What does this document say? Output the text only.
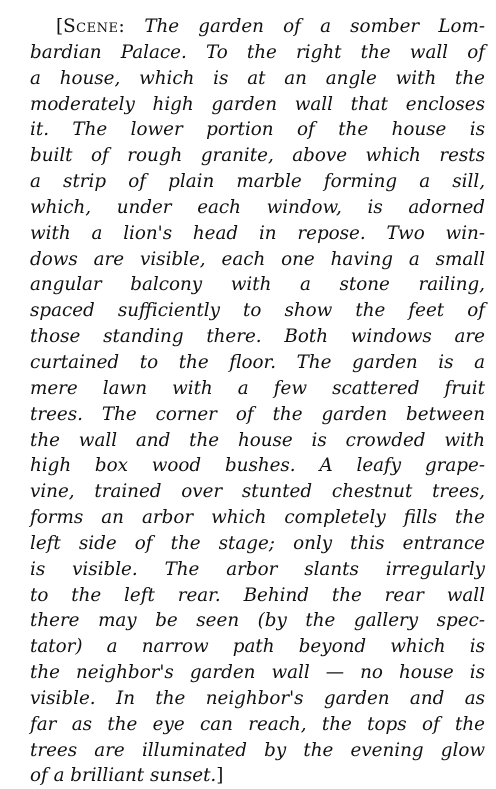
[Scene: The garden of a somber Lom-
bardian Palace. To the right the wall of
a house, which is at an angle with the
moderately high garden wall that encloses
it. The lower portion of the house is
built of rough granite, above which rests
a strip of plain marble forming a sill,
which, under each window, is adorned
with a lion's head in repose. Two win-
dows are visible, each one having a small
angular balcony with a stone railing,
spaced sufficiently to show the feet of
those standing there. Both windows are
curtained to the floor. The garden is a
mere lawn with a few scattered fruit
trees. The corner of the garden between
the wall and the house is crowded with
high box wood bushes. A leafy grape-
vine, trained over stunted chestnut trees,
forms an arbor which completely fills the
left side of the stage; only this entrance
is visible. The arbor slants irregularly
to the left rear. Behind the rear wall
there may be seen (by the gallery spec-
tator) a narrow path beyond which is
the neighbor's garden wall — no house is
visible. In the neighbor's garden and as
far as the eye can reach, the tops of the
trees are illuminated by the evening glow
of a brilliant sunset.]
